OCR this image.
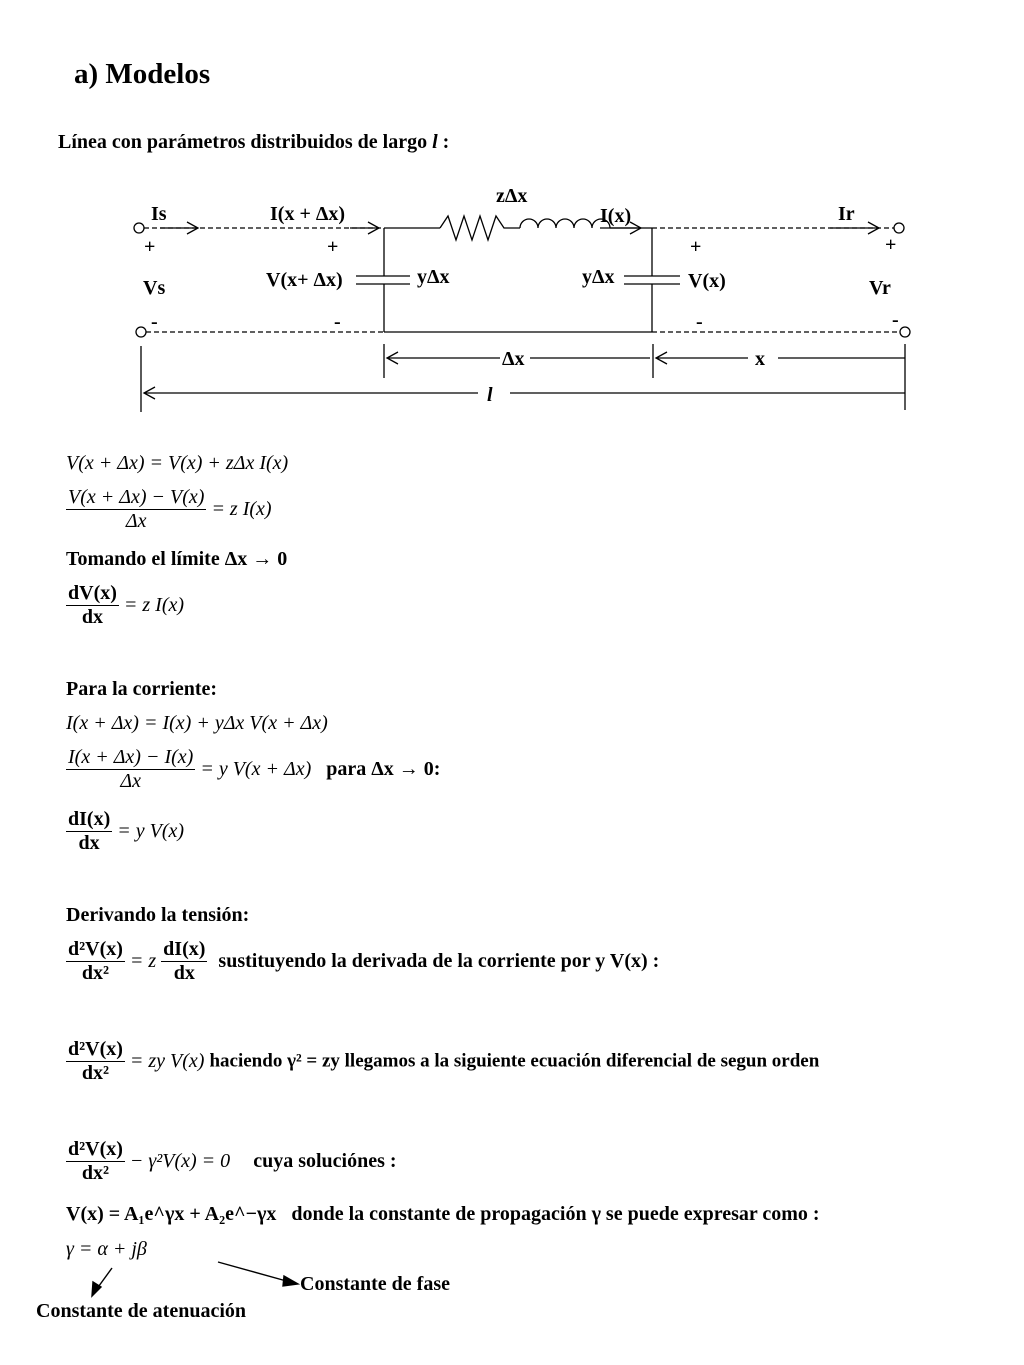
a) Modelos
Línea con parámetros distribuidos de largo l :
Is	I(x + Δx)
zΔx
I(x)	Ir
+	+	+	+
Vs	V(x+ Δx)	yΔx	yΔx	V(x)	Vr
-	-	-	-
Δx	x
l
V(x + Δx) = V(x) + zΔx I(x)
$\frac{V(x + \Delta x) - V(x)}{\Delta x} = z$ I(x)
Tomando el límite Δx → 0
$\frac{dV(x)}{dx} = z$ I(x)
Para la corriente:
I(x + Δx) = I(x) + yΔx V(x + Δx)
$\frac{I(x + \Delta x) - I(x)}{\Delta x} = y$ V(x + Δx) para Δx → 0:
$\frac{dI(x)}{dx} = y$ V(x)
Derivando la tensión:
$\frac{\text{d²V(x)}}{\text{dx²}} = z \frac{dI(x)}{dx}$ sustituyendo la derivada de la corriente por y V(x) :
$\frac{\text{d²V(x)}}{\text{dx²}}$ = zy V(x) haciendo γ² = zy llegamos a la siguiente ecuación diferencial de segun orden
$\frac{\text{d²V(x)}}{\text{dx²}} - \gamma^2V(x) = 0$ cuya soluciónes :
V(x) = A₁e^γx + A₂e^−γx donde la constante de propagación γ se puede expresar como :
γ = α + jβ
Constante de fase
Constante de atenuación
